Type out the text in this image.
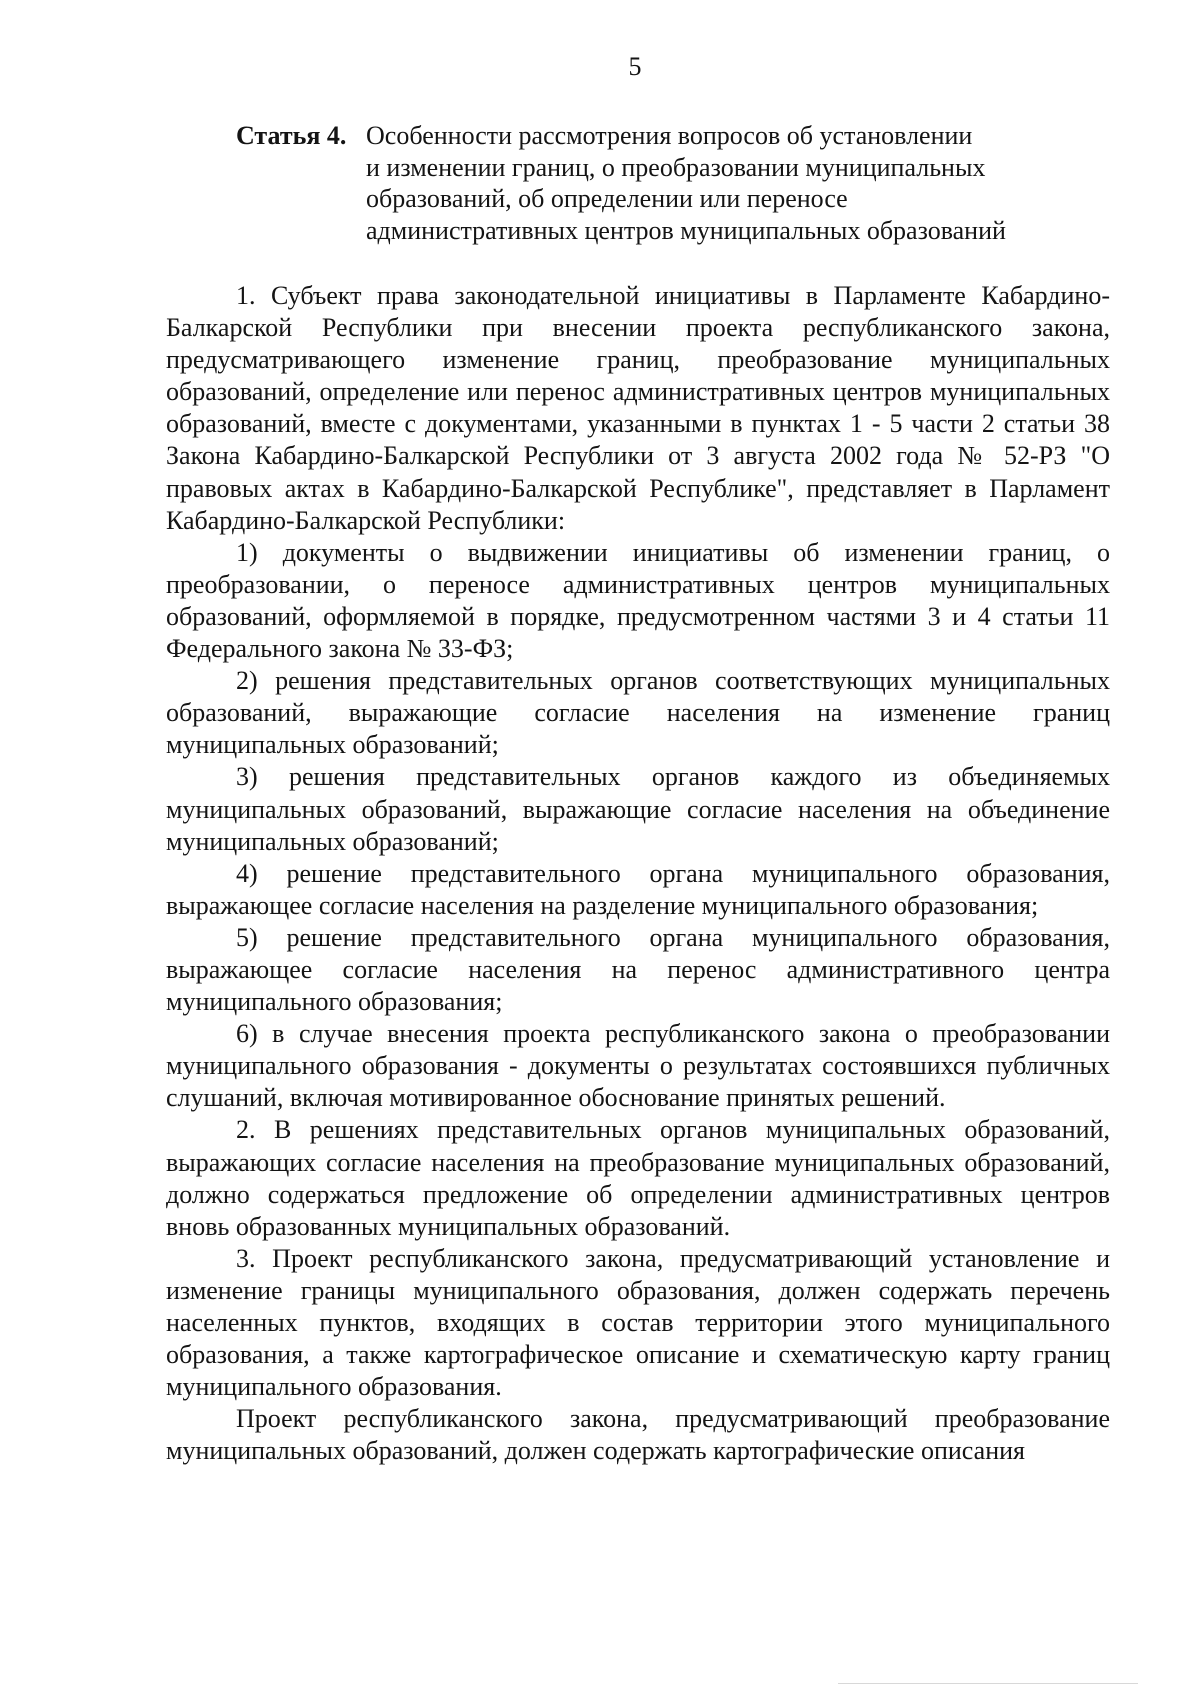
5
Статья 4. Особенности рассмотрения вопросов об установлении
и изменении границ, о преобразовании муниципальных
образований, об определении или переносе
административных центров муниципальных образований

1. Субъект права законодательной инициативы в Парламенте Кабардино-Балкарской Республики при внесении проекта республиканского закона, предусматривающего изменение границ, преобразование муниципальных образований, определение или перенос административных центров муниципальных образований, вместе с документами, указанными в пунктах 1 - 5 части 2 статьи 38 Закона Кабардино-Балкарской Республики от 3 августа 2002 года № 52-РЗ "О правовых актах в Кабардино-Балкарской Республике", представляет в Парламент Кабардино-Балкарской Республики:

1) документы о выдвижении инициативы об изменении границ, о преобразовании, о переносе административных центров муниципальных образований, оформляемой в порядке, предусмотренном частями 3 и 4 статьи 11 Федерального закона № 33-ФЗ;

2) решения представительных органов соответствующих муниципальных образований, выражающие согласие населения на изменение границ муниципальных образований;

3) решения представительных органов каждого из объединяемых муниципальных образований, выражающие согласие населения на объединение муниципальных образований;

4) решение представительного органа муниципального образования, выражающее согласие населения на разделение муниципального образования;

5) решение представительного органа муниципального образования, выражающее согласие населения на перенос административного центра муниципального образования;

6) в случае внесения проекта республиканского закона о преобразовании муниципального образования - документы о результатах состоявшихся публичных слушаний, включая мотивированное обоснование принятых решений.

2. В решениях представительных органов муниципальных образований, выражающих согласие населения на преобразование муниципальных образований, должно содержаться предложение об определении административных центров вновь образованных муниципальных образований.

3. Проект республиканского закона, предусматривающий установление и изменение границы муниципального образования, должен содержать перечень населенных пунктов, входящих в состав территории этого муниципального образования, а также картографическое описание и схематическую карту границ муниципального образования.

Проект республиканского закона, предусматривающий преобразование муниципальных образований, должен содержать картографические описания
